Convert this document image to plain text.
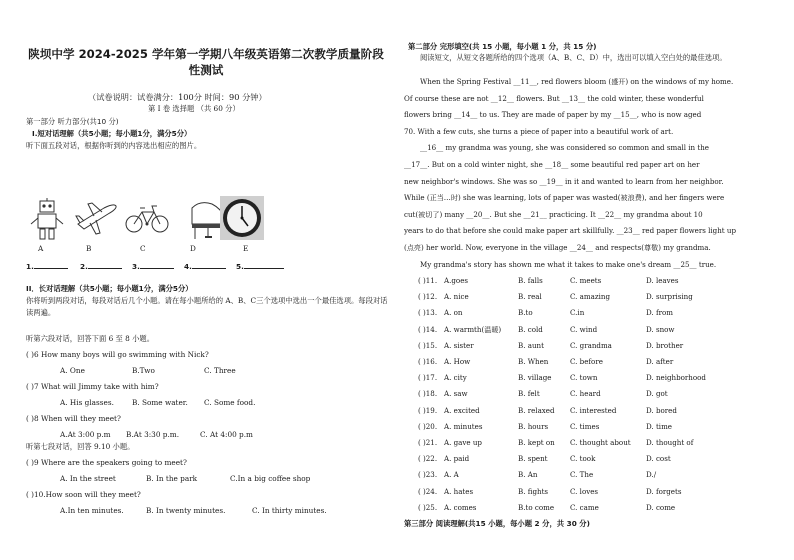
陕坝中学 2024-2025 学年第一学期八年级英语第二次教学质量阶段
性测试
（试卷说明：试卷满分：100分 时间：90 分钟）
第 I 卷 选择题 （共 60 分）
第一部分 听力部分(共10 分)
Ⅰ.短对话理解（共5小题；每小题1分，满分5分）
听下面五段对话，根据你听到的内容选出相应的图片。
A	B	C	D	E
1.	2.	3.	4.	5.
II．长对话理解（共5小题；每小题1分，满分5分）
你将听到两段对话，每段对话后几个小题。请在每小题所给的 A、B、C三个选项中选出一个最佳选项。每段对话读两遍。
听第六段对话，回答下面 6 至 8 小题。
( )6 How many boys will go swimming with Nick?
A. One	B.Two	C. Three
( )7 What will Jimmy take with him?
A. His glasses. B. Some water. C. Some food.
( )8 When will they meet?
A.At 3:00 p.m B.At 3:30 p.m.	C. At 4:00 p.m
听第七段对话，回答 9.10 小题。
( )9 Where are the speakers going to meet?
A. In the street	B. In the park	C.In a big coffee shop
( )10.How soon will they meet?
A.In ten minutes.	B. In twenty minutes.	C. In thirty minutes.
第二部分 完形填空(共 15 小题，每小题 1 分，共 15 分)
阅读短文，从短文各题所给的四个选项（A、B、C、D）中，选出可以填入空白处的最佳选项。
When the Spring Festival __11__, red flowers bloom (盛开) on the windows of my home.
Of course these are not __12__ flowers. But __13__ the cold winter, these wonderful
flowers bring __14__ to us. They are made of paper by my __15__, who is now aged
70. With a few cuts, she turns a piece of paper into a beautiful work of art.
__16__ my grandma was young, she was considered so common and small in the
__17__. But on a cold winter night, she __18__ some beautiful red paper art on her
new neighbor's windows. She was so __19__ in it and wanted to learn from her neighbor.
While (正当…时) she was learning, lots of paper was wasted(被浪费), and her fingers were
cut(被切了) many __20__. But she __21__ practicing. It __22__ my grandma about 10
years to do that before she could make paper art skillfully. __23__ red paper flowers light up
(点亮) her world. Now, everyone in the village __24__ and respects(尊敬) my grandma.
My grandma's story has shown me what it takes to make one's dream __25__ true.
( )11. A.goes	B. falls	C. meets	D. leaves
( )12. A. nice	B. real	C. amazing	D. surprising
( )13. A. on	B.to	C.in	D. from
( )14. A. warmth(温暖) B. cold	C. wind	D. snow
( )15. A. sister	B. aunt	C. grandma	D. brother
( )16. A. How	B. When	C. before	D. after
( )17. A. city	B. village	C. town	D. neighborhood
( )18. A. saw	B. felt	C. heard	D. got
( )19. A. excited	B. relaxed C. interested	D. bored
( )20. A. minutes	B. hours	C. times	D. time
( )21. A. gave up	B. kept on C. thought about D. thought of
( )22. A. paid	B. spent	C. took	D. cost
( )23. A. A	B. An	C. The	D./
( )24. A. hates	B. fights	C. loves	D. forgets
( )25. A. comes	B.to come C. came	D. come
第三部分 阅读理解(共15 小题，每小题 2 分，共 30 分)
